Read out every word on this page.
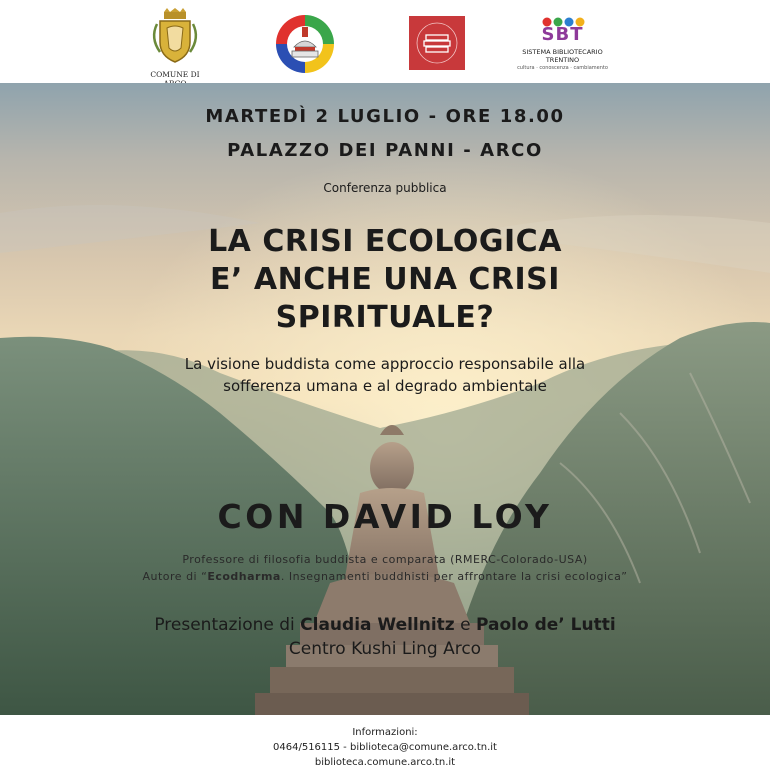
COMUNE DI
SBT
SISTEMA BIBLIOTECARIO TRENTINO
cultura · conoscenza · cambiamento
MARTEDÌ 2 LUGLIO - ORE 18.00
PALAZZO DEI PANNI - ARCO
Conferenza pubblica
LA CRISI ECOLOGICA
E’ ANCHE UNA CRISI
SPIRITUALE?
La visione buddista come approccio responsabile alla
sofferenza umana e al degrado ambientale
CON DAVID LOY
Professore di filosofia buddista e comparata (RMERC-Colorado-USA)
Autore di “Ecodharma. Insegnamenti buddhisti per affrontare la crisi ecologica”
Presentazione di Claudia Wellnitz e Paolo de’ Lutti
Centro Kushi Ling Arco
Informazioni:
0464/516115 - biblioteca@comune.arco.tn.it
biblioteca.comune.arco.tn.it
